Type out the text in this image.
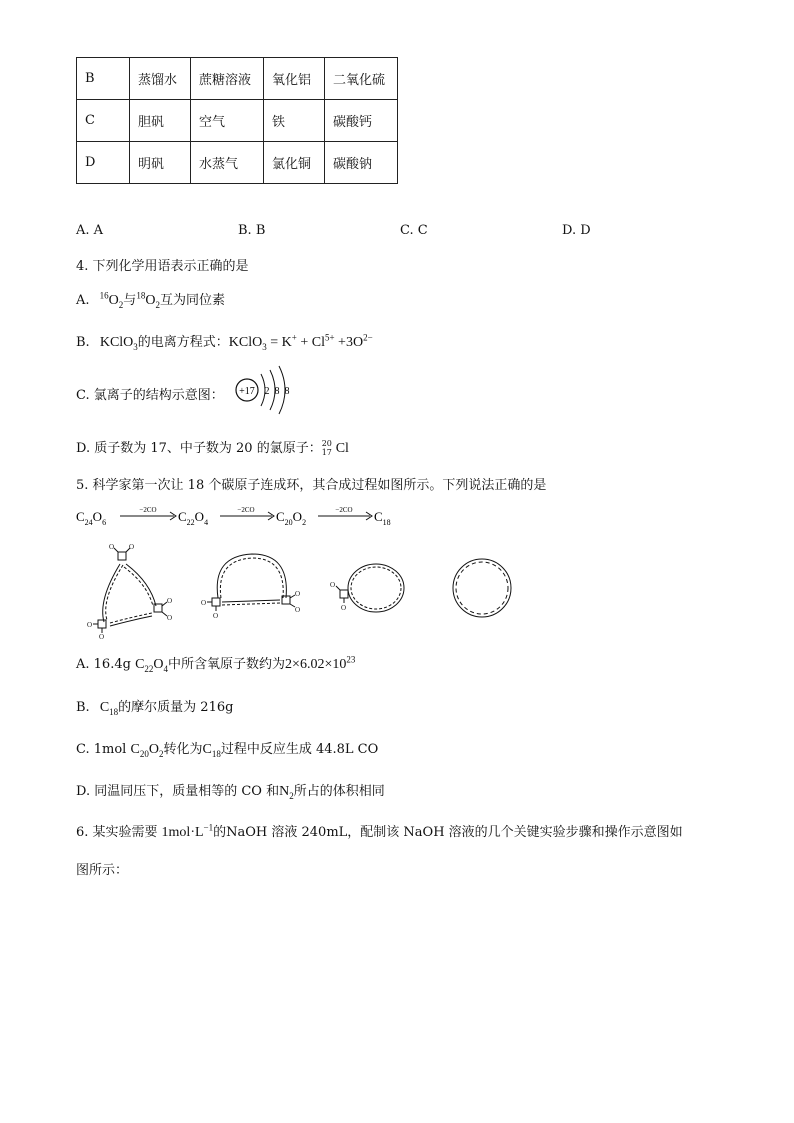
B	蒸馏水	蔗糖溶液	氧化铝	二氧化硫
C	胆矾	空气	铁	碳酸钙
D	明矾	水蒸气	氯化铜	碳酸钠
A. A	B. B	C. C	D. D
4. 下列化学用语表示正确的是
A. $^{16}O_2$与$^{18}O_2$互为同位素
B. KClO$_3$的电离方程式：KClO$_3$ = $K^+ + Cl^{5+} +3O^{2-}$
C. 氯离子的结构示意图： +17 2 8 8
D. 质子数为 17、中子数为 20 的氯原子： 20
17 Cl
5. 科学家第一次让 18 个碳原子连成环，其合成过程如图所示。下列说法正确的是
$C_{24}O_6$
−2CO $C_{22}O_4$
−2CO $C_{20}O_2$
−2CO $C_{18}$
O O
O
O
O
O
O
O
O
O
O
O
A. 16.4g $C_{22}O_4$中所含氧原子数约为$2\times 6.02\times 10^{23}$
B. $C_{18}$的摩尔质量为 216g
C. 1mol $C_{20}O_2$转化为$C_{18}$过程中反应生成 44.8L CO
D. 同温同压下，质量相等的 CO 和$N_2$所占的体积相同
6. 某实验需要 $1mol\cdot L^{-1}$的NaOH 溶液 240mL，配制该 NaOH 溶液的几个关键实验步骤和操作示意图如
图所示：
